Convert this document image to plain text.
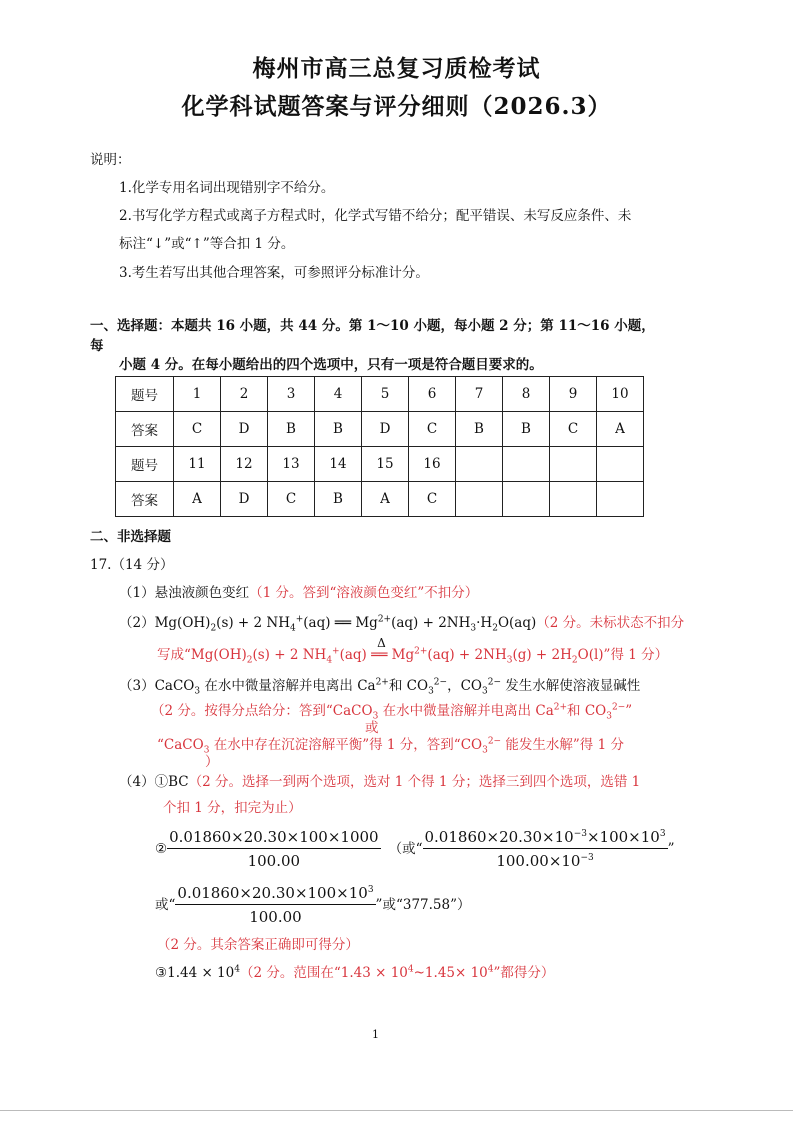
梅州市高三总复习质检考试
化学科试题答案与评分细则（2026.3）
说明：
1.化学专用名词出现错别字不给分。
2.书写化学方程式或离子方程式时，化学式写错不给分；配平错误、未写反应条件、未
标注“↓”或“↑”等合扣 1 分。
3.考生若写出其他合理答案，可参照评分标准计分。
一、选择题：本题共 16 小题，共 44 分。第 1～10 小题，每小题 2 分；第 11～16 小题，
每
小题 4 分。在每小题给出的四个选项中，只有一项是符合题目要求的。
题号	1	2	3	4	5	6	7	8	9	10
答案	C	D	B	B	D	C	B	B	C	A
题号	11	12	13	14	15	16				
答案	A	D	C	B	A	C				
二、非选择题
17.（14 分）
（1）悬浊液颜色变红（1 分。答到“溶液颜色变红”不扣分）
$(2)Mg(OH)_2(s) + 2$ $NH_4^+(aq)$ ══ $Mg^{2+}(aq) + 2NH_3\cdot H_2O(aq)(2$ 分。未标状态不扣分
写成“$Mg(OH)_2(s) + 2$ $NH_4^+(aq)$
Δ
══ $Mg^{2+}(aq) + 2NH_3(g) + 2H_2O(l)$”得 1 分）
（3）CaCO$_3$ 在水中微量溶解并电离出 $Ca^{2+}$和 $CO_3^{2-}$，$CO_3^{2-}$ 发生水解使溶液显碱性
（2 分。按得分点给分：答到“CaCO$_3$ 在水中微量溶解并电离出 $Ca^{2+}$和 $CO_3^{2-}$”
或
“CaCO$_3$ 在水中存在沉淀溶解平衡”得 1 分，答到“$CO_3^{2-}$ 能发生水解”得 1 分
）
（4）①BC（2 分。选择一到两个选项，选对 1 个得 1 分；选择三到四个选项，选错 1
个扣 1 分，扣完为止）
② $\frac{0.01860\times 20.30\times 100\times 1000}{100.00}$ （或“ $\frac{0.01860\times 20.30\times 10^{-3}\times 100\times 10^3}{100.00\times 10^{-3}}$ ”
或“ $\frac{0.01860\times 20.30\times 100\times 10^3}{100.00}$ ”或“377.58”）
（2 分。其余答案正确即可得分）
③1.44 × $10^4(2$ 分。范围在“$1.43 \times 10^4\sim 1.45\times 10^4$”都得分）
1
